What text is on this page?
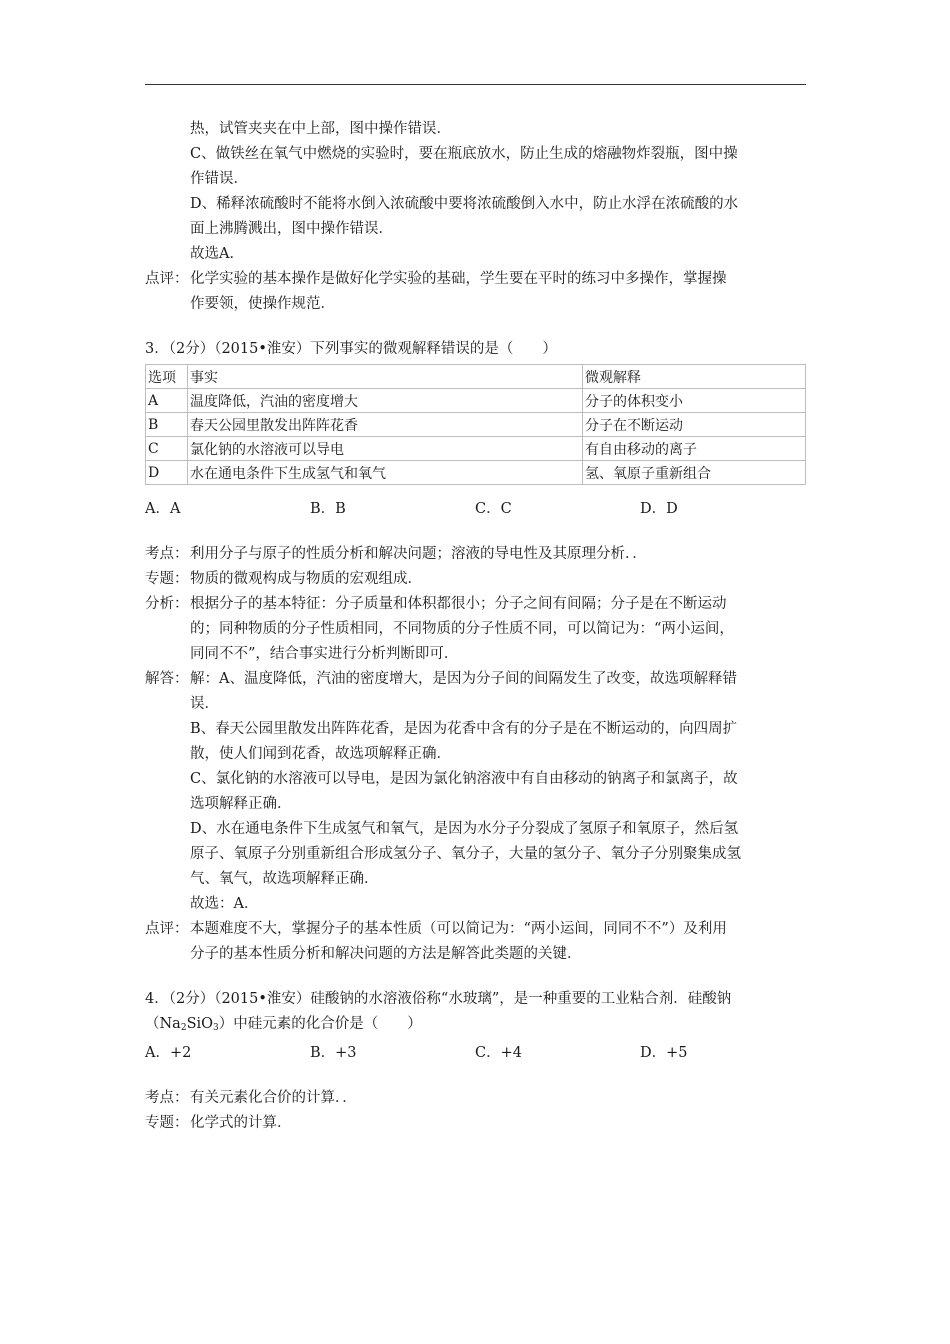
热，试管夹夹在中上部，图中操作错误．
C、做铁丝在氧气中燃烧的实验时，要在瓶底放水，防止生成的熔融物炸裂瓶，图中操
作错误．
D、稀释浓硫酸时不能将水倒入浓硫酸中要将浓硫酸倒入水中，防止水浮在浓硫酸的水
面上沸腾溅出，图中操作错误．
故选A．
点评： 化学实验的基本操作是做好化学实验的基础，学生要在平时的练习中多操作，掌握操
作要领，使操作规范．
3．（2分）（2015•淮安）下列事实的微观解释错误的是（　　）
选项	事实	微观解释
A	温度降低，汽油的密度增大	分子的体积变小
B	春天公园里散发出阵阵花香	分子在不断运动
C	氯化钠的水溶液可以导电	有自由移动的离子
D	水在通电条件下生成氢气和氧气	氢、氧原子重新组合
A．A	B．B	C．C	D．D
考点： 利用分子与原子的性质分析和解决问题；溶液的导电性及其原理分析．．
专题： 物质的微观构成与物质的宏观组成．
分析： 根据分子的基本特征：分子质量和体积都很小；分子之间有间隔；分子是在不断运动
的；同种物质的分子性质相同，不同物质的分子性质不同，可以简记为：“两小运间，
同同不不”，结合事实进行分析判断即可．
解答： 解：A、温度降低，汽油的密度增大，是因为分子间的间隔发生了改变，故选项解释错
误．
B、春天公园里散发出阵阵花香，是因为花香中含有的分子是在不断运动的，向四周扩
散，使人们闻到花香，故选项解释正确．
C、氯化钠的水溶液可以导电，是因为氯化钠溶液中有自由移动的钠离子和氯离子，故
选项解释正确．
D、水在通电条件下生成氢气和氧气，是因为水分子分裂成了氢原子和氧原子，然后氢
原子、氧原子分别重新组合形成氢分子、氧分子，大量的氢分子、氧分子分别聚集成氢
气、氧气，故选项解释正确．
故选：A．
点评： 本题难度不大，掌握分子的基本性质（可以简记为：“两小运间，同同不不”）及利用
分子的基本性质分析和解决问题的方法是解答此类题的关键．
4．（2分）（2015•淮安）硅酸钠的水溶液俗称“水玻璃”，是一种重要的工业粘合剂．硅酸钠
$(Na_2SiO_3)$中硅元素的化合价是（　　）
A．+2	B．+3	C．+4	D．+5
考点： 有关元素化合价的计算．．
专题： 化学式的计算．
